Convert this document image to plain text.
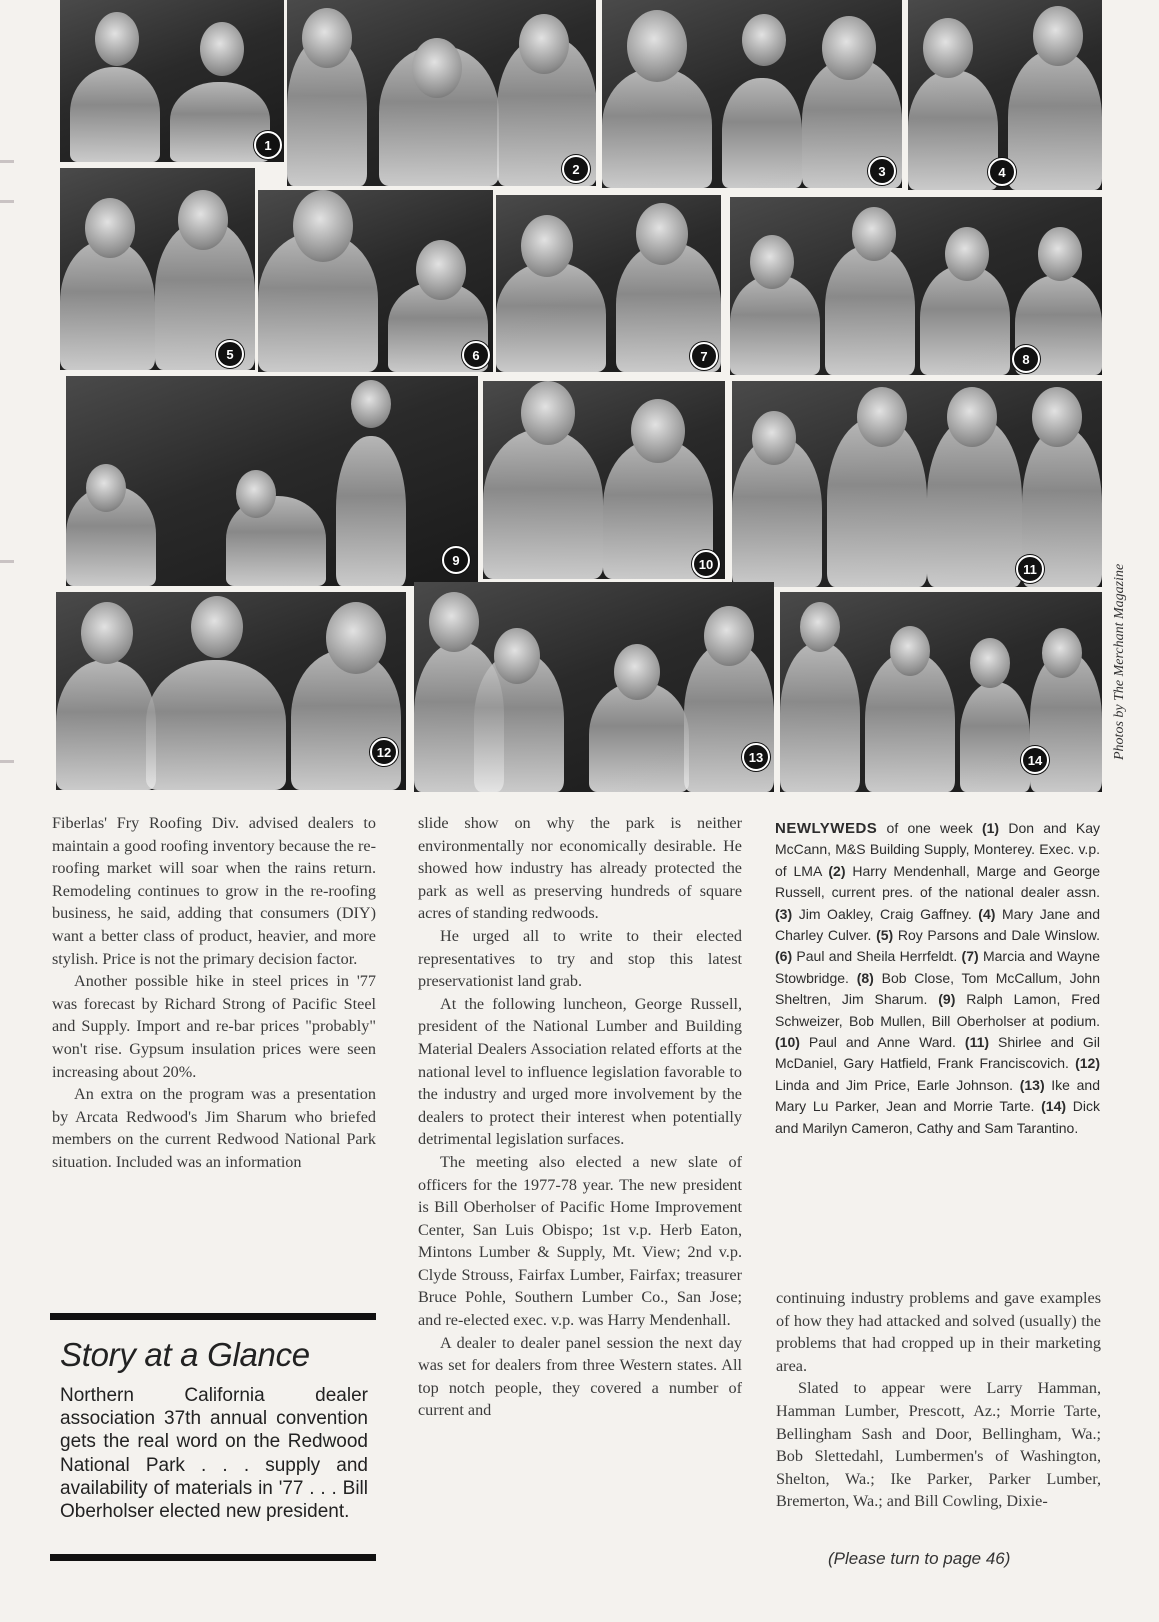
1
2	3	4
5	6	7	8
9	10	11
12	13	14	Photos by The Merchant Magazine

Fiberlas' Fry Roofing Div. advised dealers to maintain a good roofing inventory because the re-roofing market will soar when the rains return. Remodeling continues to grow in the re-roofing business, he said, adding that consumers (DIY) want a better class of product, heavier, and more stylish. Price is not the primary decision factor.

Another possible hike in steel prices in '77 was forecast by Richard Strong of Pacific Steel and Supply. Import and re-bar prices "probably" won't rise. Gypsum insulation prices were seen increasing about 20%.

An extra on the program was a presentation by Arcata Redwood's Jim Sharum who briefed members on the current Redwood National Park situation. Included was an information

Story at a Glance
Northern California dealer association 37th annual convention gets the real word on the Redwood National Park . . . supply and availability of materials in '77 . . . Bill Oberholser elected new president.

slide show on why the park is neither environmentally nor economically desirable. He showed how industry has already protected the park as well as preserving hundreds of square acres of standing redwoods.

He urged all to write to their elected representatives to try and stop this latest preservationist land grab.

At the following luncheon, George Russell, president of the National Lumber and Building Material Dealers Association related efforts at the national level to influence legislation favorable to the industry and urged more involvement by the dealers to protect their interest when potentially detrimental legislation surfaces.

The meeting also elected a new slate of officers for the 1977-78 year. The new president is Bill Oberholser of Pacific Home Improvement Center, San Luis Obispo; 1st v.p. Herb Eaton, Mintons Lumber & Supply, Mt. View; 2nd v.p. Clyde Strouss, Fairfax Lumber, Fairfax; treasurer Bruce Pohle, Southern Lumber Co., San Jose; and re-elected exec. v.p. was Harry Mendenhall.

A dealer to dealer panel session the next day was set for dealers from three Western states. All top notch people, they covered a number of current and

NEWLYWEDS of one week (1) Don and Kay McCann, M&S Building Supply, Monterey. Exec. v.p. of LMA (2) Harry Mendenhall, Marge and George Russell, current pres. of the national dealer assn. (3) Jim Oakley, Craig Gaffney. (4) Mary Jane and Charley Culver. (5) Roy Parsons and Dale Winslow. (6) Paul and Sheila Herrfeldt. (7) Marcia and Wayne Stowbridge. (8) Bob Close, Tom McCallum, John Sheltren, Jim Sharum. (9) Ralph Lamon, Fred Schweizer, Bob Mullen, Bill Oberholser at podium. (10) Paul and Anne Ward. (11) Shirlee and Gil McDaniel, Gary Hatfield, Frank Franciscovich. (12) Linda and Jim Price, Earle Johnson. (13) Ike and Mary Lu Parker, Jean and Morrie Tarte. (14) Dick and Marilyn Cameron, Cathy and Sam Tarantino.

continuing industry problems and gave examples of how they had attacked and solved (usually) the problems that had cropped up in their marketing area.

Slated to appear were Larry Hamman, Hamman Lumber, Prescott, Az.; Morrie Tarte, Bellingham Sash and Door, Bellingham, Wa.; Bob Slettedahl, Lumbermen's of Washington, Shelton, Wa.; Ike Parker, Parker Lumber, Bremerton, Wa.; and Bill Cowling, Dixie-

(Please turn to page 46)
